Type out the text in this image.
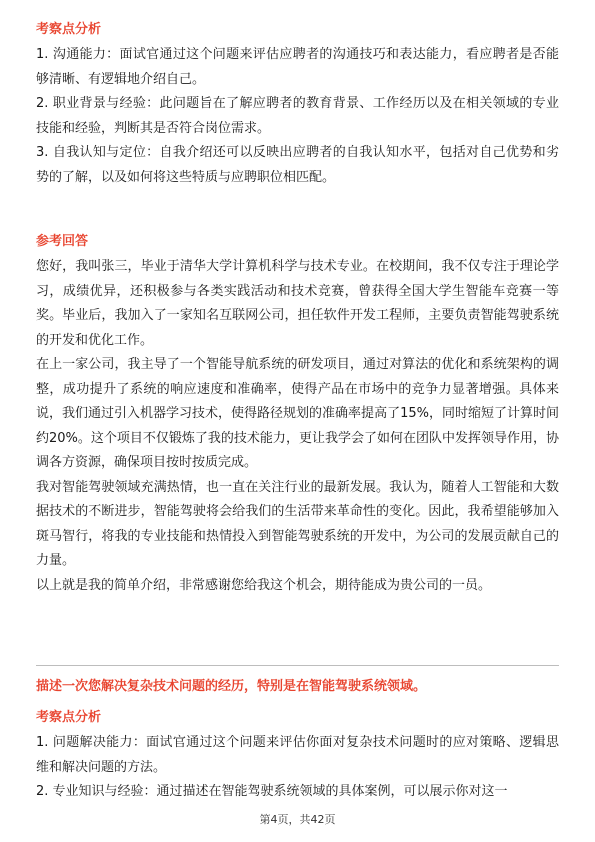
考察点分析

1. 沟通能力：面试官通过这个问题来评估应聘者的沟通技巧和表达能力，看应聘者是否能够清晰、有逻辑地介绍自己。

2. 职业背景与经验：此问题旨在了解应聘者的教育背景、工作经历以及在相关领域的专业技能和经验，判断其是否符合岗位需求。

3. 自我认知与定位：自我介绍还可以反映出应聘者的自我认知水平，包括对自己优势和劣势的了解，以及如何将这些特质与应聘职位相匹配。

参考回答

您好，我叫张三，毕业于清华大学计算机科学与技术专业。在校期间，我不仅专注于理论学习，成绩优异，还积极参与各类实践活动和技术竞赛，曾获得全国大学生智能车竞赛一等奖。毕业后，我加入了一家知名互联网公司，担任软件开发工程师，主要负责智能驾驶系统的开发和优化工作。

在上一家公司，我主导了一个智能导航系统的研发项目，通过对算法的优化和系统架构的调整，成功提升了系统的响应速度和准确率，使得产品在市场中的竞争力显著增强。具体来说，我们通过引入机器学习技术，使得路径规划的准确率提高了15%，同时缩短了计算时间约20%。这个项目不仅锻炼了我的技术能力，更让我学会了如何在团队中发挥领导作用，协调各方资源，确保项目按时按质完成。

我对智能驾驶领域充满热情，也一直在关注行业的最新发展。我认为，随着人工智能和大数据技术的不断进步，智能驾驶将会给我们的生活带来革命性的变化。因此，我希望能够加入斑马智行，将我的专业技能和热情投入到智能驾驶系统的开发中，为公司的发展贡献自己的力量。

以上就是我的简单介绍，非常感谢您给我这个机会，期待能成为贵公司的一员。

描述一次您解决复杂技术问题的经历，特别是在智能驾驶系统领域。

考察点分析

1. 问题解决能力：面试官通过这个问题来评估你面对复杂技术问题时的应对策略、逻辑思维和解决问题的方法。

2. 专业知识与经验：通过描述在智能驾驶系统领域的具体案例，可以展示你对这一

第4页，共42页
